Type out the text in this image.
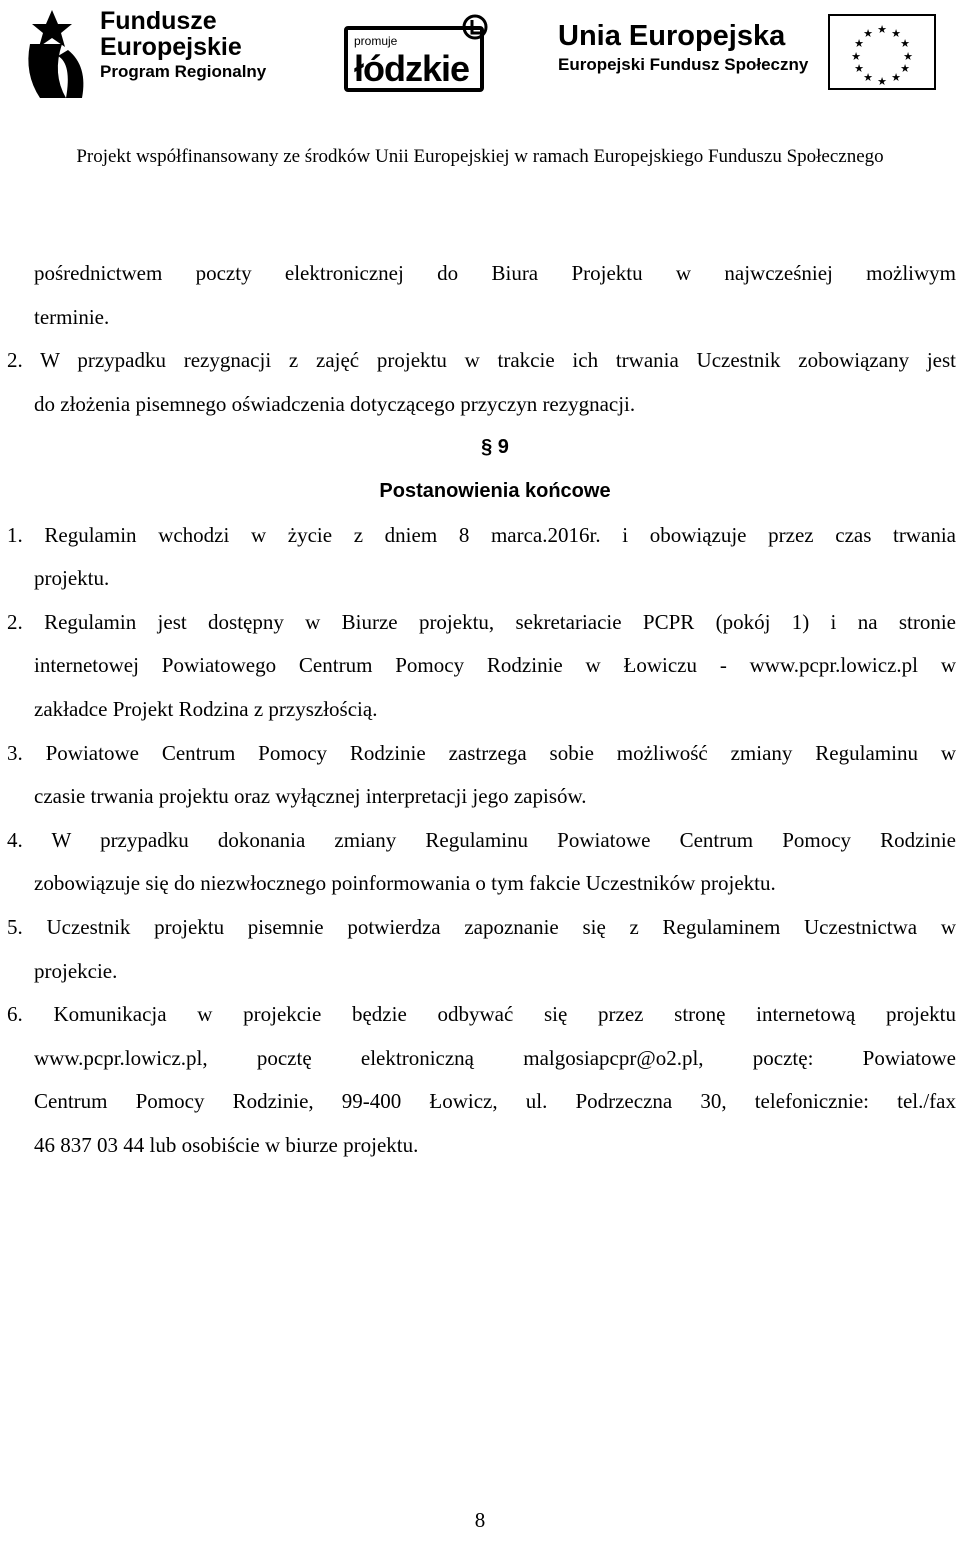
Fundusze
Europejskie
Program Regionalny
promuje
łódzkie
Unia Europejska
Europejski Fundusz Społeczny
★ ★
★
★
★
★
★
★
★
★
★
★
Projekt współfinansowany ze środków Unii Europejskiej w ramach Europejskiego Funduszu Społecznego
pośrednictwem poczty elektronicznej do Biura Projektu w najwcześniej możliwym
terminie.
2. W przypadku rezygnacji z zajęć projektu w trakcie ich trwania Uczestnik zobowiązany jest
do złożenia pisemnego oświadczenia dotyczącego przyczyn rezygnacji.
§ 9
Postanowienia końcowe
1. Regulamin wchodzi w życie z dniem 8 marca.2016r. i obowiązuje przez czas trwania
projektu.
2. Regulamin jest dostępny w Biurze projektu, sekretariacie PCPR (pokój 1) i na stronie
internetowej Powiatowego Centrum Pomocy Rodzinie w Łowiczu - www.pcpr.lowicz.pl w
zakładce Projekt Rodzina z przyszłością.
3. Powiatowe Centrum Pomocy Rodzinie zastrzega sobie możliwość zmiany Regulaminu w
czasie trwania projektu oraz wyłącznej interpretacji jego zapisów.
4. W przypadku dokonania zmiany Regulaminu Powiatowe Centrum Pomocy Rodzinie
zobowiązuje się do niezwłocznego poinformowania o tym fakcie Uczestników projektu.
5. Uczestnik projektu pisemnie potwierdza zapoznanie się z Regulaminem Uczestnictwa w
projekcie.
6. Komunikacja w projekcie będzie odbywać się przez stronę internetową projektu
www.pcpr.lowicz.pl, pocztę elektroniczną malgosiapcpr@o2.pl, pocztę: Powiatowe
Centrum Pomocy Rodzinie, 99-400 Łowicz, ul. Podrzeczna 30, telefonicznie: tel./fax
46 837 03 44 lub osobiście w biurze projektu.
8
